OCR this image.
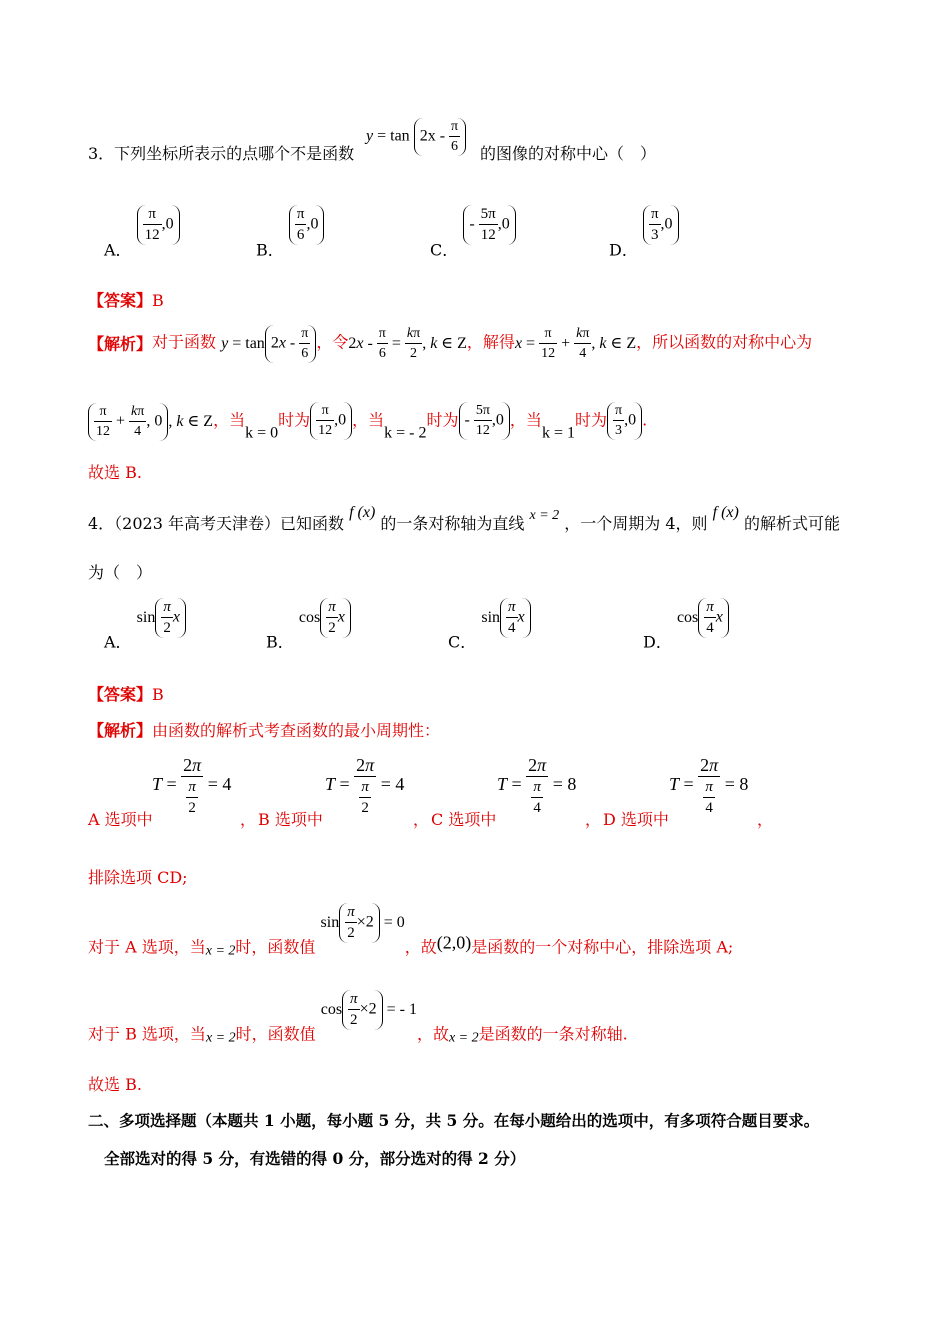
3．下列坐标所表示的点哪个不是函数
$y = \tan 2x - \frac{\pi}{6}$ 的图像的对称中心（　）
A．
$\frac{\pi}{12} ,0$
B．
$\frac{\pi}{6} ,0$
C． - $\frac{5\pi}{12} ,0$
D．
$\frac{\pi}{3} ,0$
【答案】B
【解析】对于函数 $y = \tan 2x - \frac{\pi}{6}$ ，令$2x - \frac{\pi}{6} = \frac{k\pi}{2}$ , k ∈ Z，解得$x = \frac{\pi}{12} + \frac{k\pi}{4}$ , k ∈ Z，所以函数的对称中心为
$\frac{\pi}{12} + \frac{k\pi}{4}$ , 0 , k ∈ Z，当k = 0时为 $\frac{\pi}{12} ,0$ ，当k = - 2时为 - $\frac{5\pi}{12} ,0$ ，当k = 1时为 $\frac{\pi}{3} ,0$ .
故选 B.
4．（2023 年高考天津卷）已知函数 f (x) 的一条对称轴为直线 x = 2 ，一个周期为 4，则 f (x) 的解析式可能
为（　）
A． $\sin \frac{\pi}{2}$ x
B． $\cos \frac{\pi}{2}$ x
C． $\sin \frac{\pi}{4}$ x
D． $\cos \frac{\pi}{4}$ x
【答案】B
【解析】由函数的解析式考查函数的最小周期性：
A 选项中
$T = \frac{2\pi}{\frac{\pi}{2}} = 4$
， B 选项中
$T = \frac{2\pi}{\frac{\pi}{2}} = 4$
， C 选项中
$T = \frac{2\pi}{\frac{\pi}{4}} = 8$
， D 选项中
$T = \frac{2\pi}{\frac{\pi}{4}} = 8$
，
排除选项 CD;
对于 A 选项，当x = 2时，函数值 $\sin \frac{\pi}{2} \times 2 = 0$，故(2,0)是函数的一个对称中心，排除选项 A;
对于 B 选项，当x = 2时，函数值 $\cos \frac{\pi}{2} \times 2$ = - 1，故x = 2是函数的一条对称轴.
故选 B.
二、多项选择题（本题共 1 小题，每小题 5 分，共 5 分。在每小题给出的选项中，有多项符合题目要求。
全部选对的得 5 分，有选错的得 0 分，部分选对的得 2 分）
